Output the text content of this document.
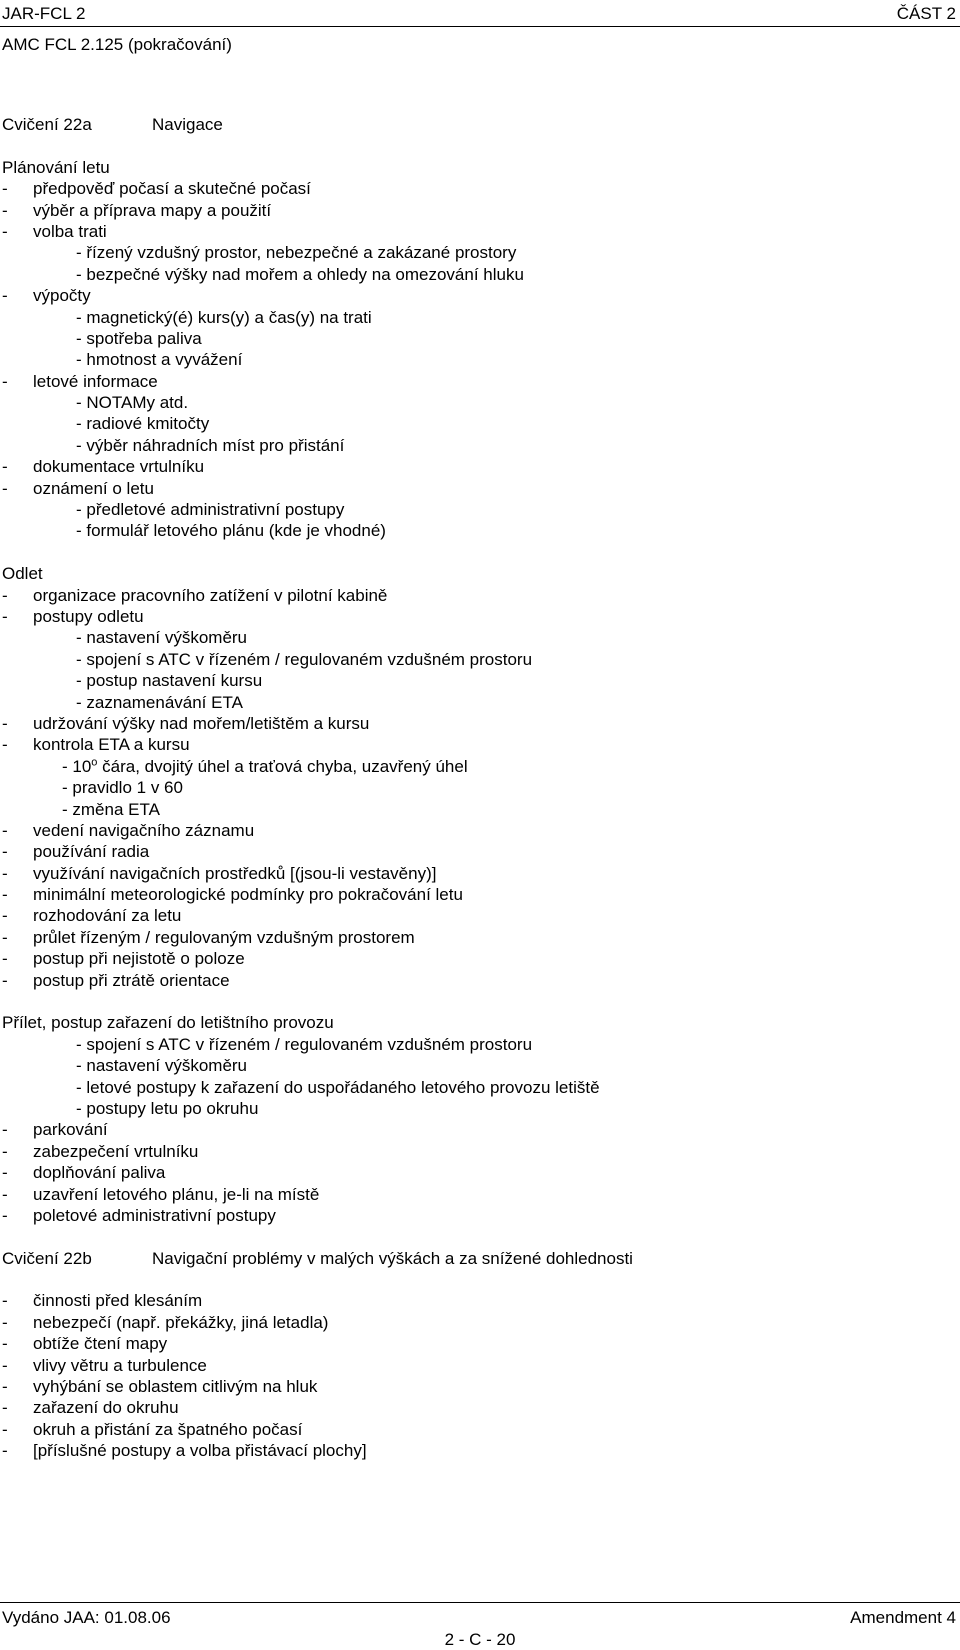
JAR-FCL 2	ČÁST 2
AMC FCL 2.125 (pokračování)
Cvičení 22a	Navigace
Plánování letu
- předpověď počasí a skutečné počasí
- výběr a příprava mapy a použití
- volba trati
- řízený vzdušný prostor, nebezpečné a zakázané prostory
- bezpečné výšky nad mořem a ohledy na omezování hluku
- výpočty
- magnetický(é) kurs(y) a čas(y) na trati
- spotřeba paliva
- hmotnost a vyvážení
- letové informace
- NOTAMy atd.
- radiové kmitočty
- výběr náhradních míst pro přistání
- dokumentace vrtulníku
- oznámení o letu
- předletové administrativní postupy
- formulář letového plánu (kde je vhodné)
Odlet
- organizace pracovního zatížení v pilotní kabině
- postupy odletu
- nastavení výškoměru
- spojení s ATC v řízeném / regulovaném vzdušném prostoru
- postup nastavení kursu
- zaznamenávání ETA
- udržování výšky nad mořem/letištěm a kursu
- kontrola ETA a kursu
- 10$^o$ čára, dvojitý úhel a traťová chyba, uzavřený úhel
- pravidlo 1 v 60
- změna ETA
- vedení navigačního záznamu
- používání radia
- využívání navigačních prostředků [(jsou-li vestavěny)]
- minimální meteorologické podmínky pro pokračování letu
- rozhodování za letu
- průlet řízeným / regulovaným vzdušným prostorem
- postup při nejistotě o poloze
- postup při ztrátě orientace
Přílet, postup zařazení do letištního provozu
- spojení s ATC v řízeném / regulovaném vzdušném prostoru
- nastavení výškoměru
- letové postupy k zařazení do uspořádaného letového provozu letiště
- postupy letu po okruhu
- parkování
- zabezpečení vrtulníku
- doplňování paliva
- uzavření letového plánu, je-li na místě
- poletové administrativní postupy
Cvičení 22b	Navigační problémy v malých výškách a za snížené dohlednosti
- činnosti před klesáním
- nebezpečí (např. překážky, jiná letadla)
- obtíže čtení mapy
- vlivy větru a turbulence
- vyhýbání se oblastem citlivým na hluk
- zařazení do okruhu
- okruh a přistání za špatného počasí
- [příslušné postupy a volba přistávací plochy]
Vydáno JAA: 01.08.06	Amendment 4
2 - C - 20
